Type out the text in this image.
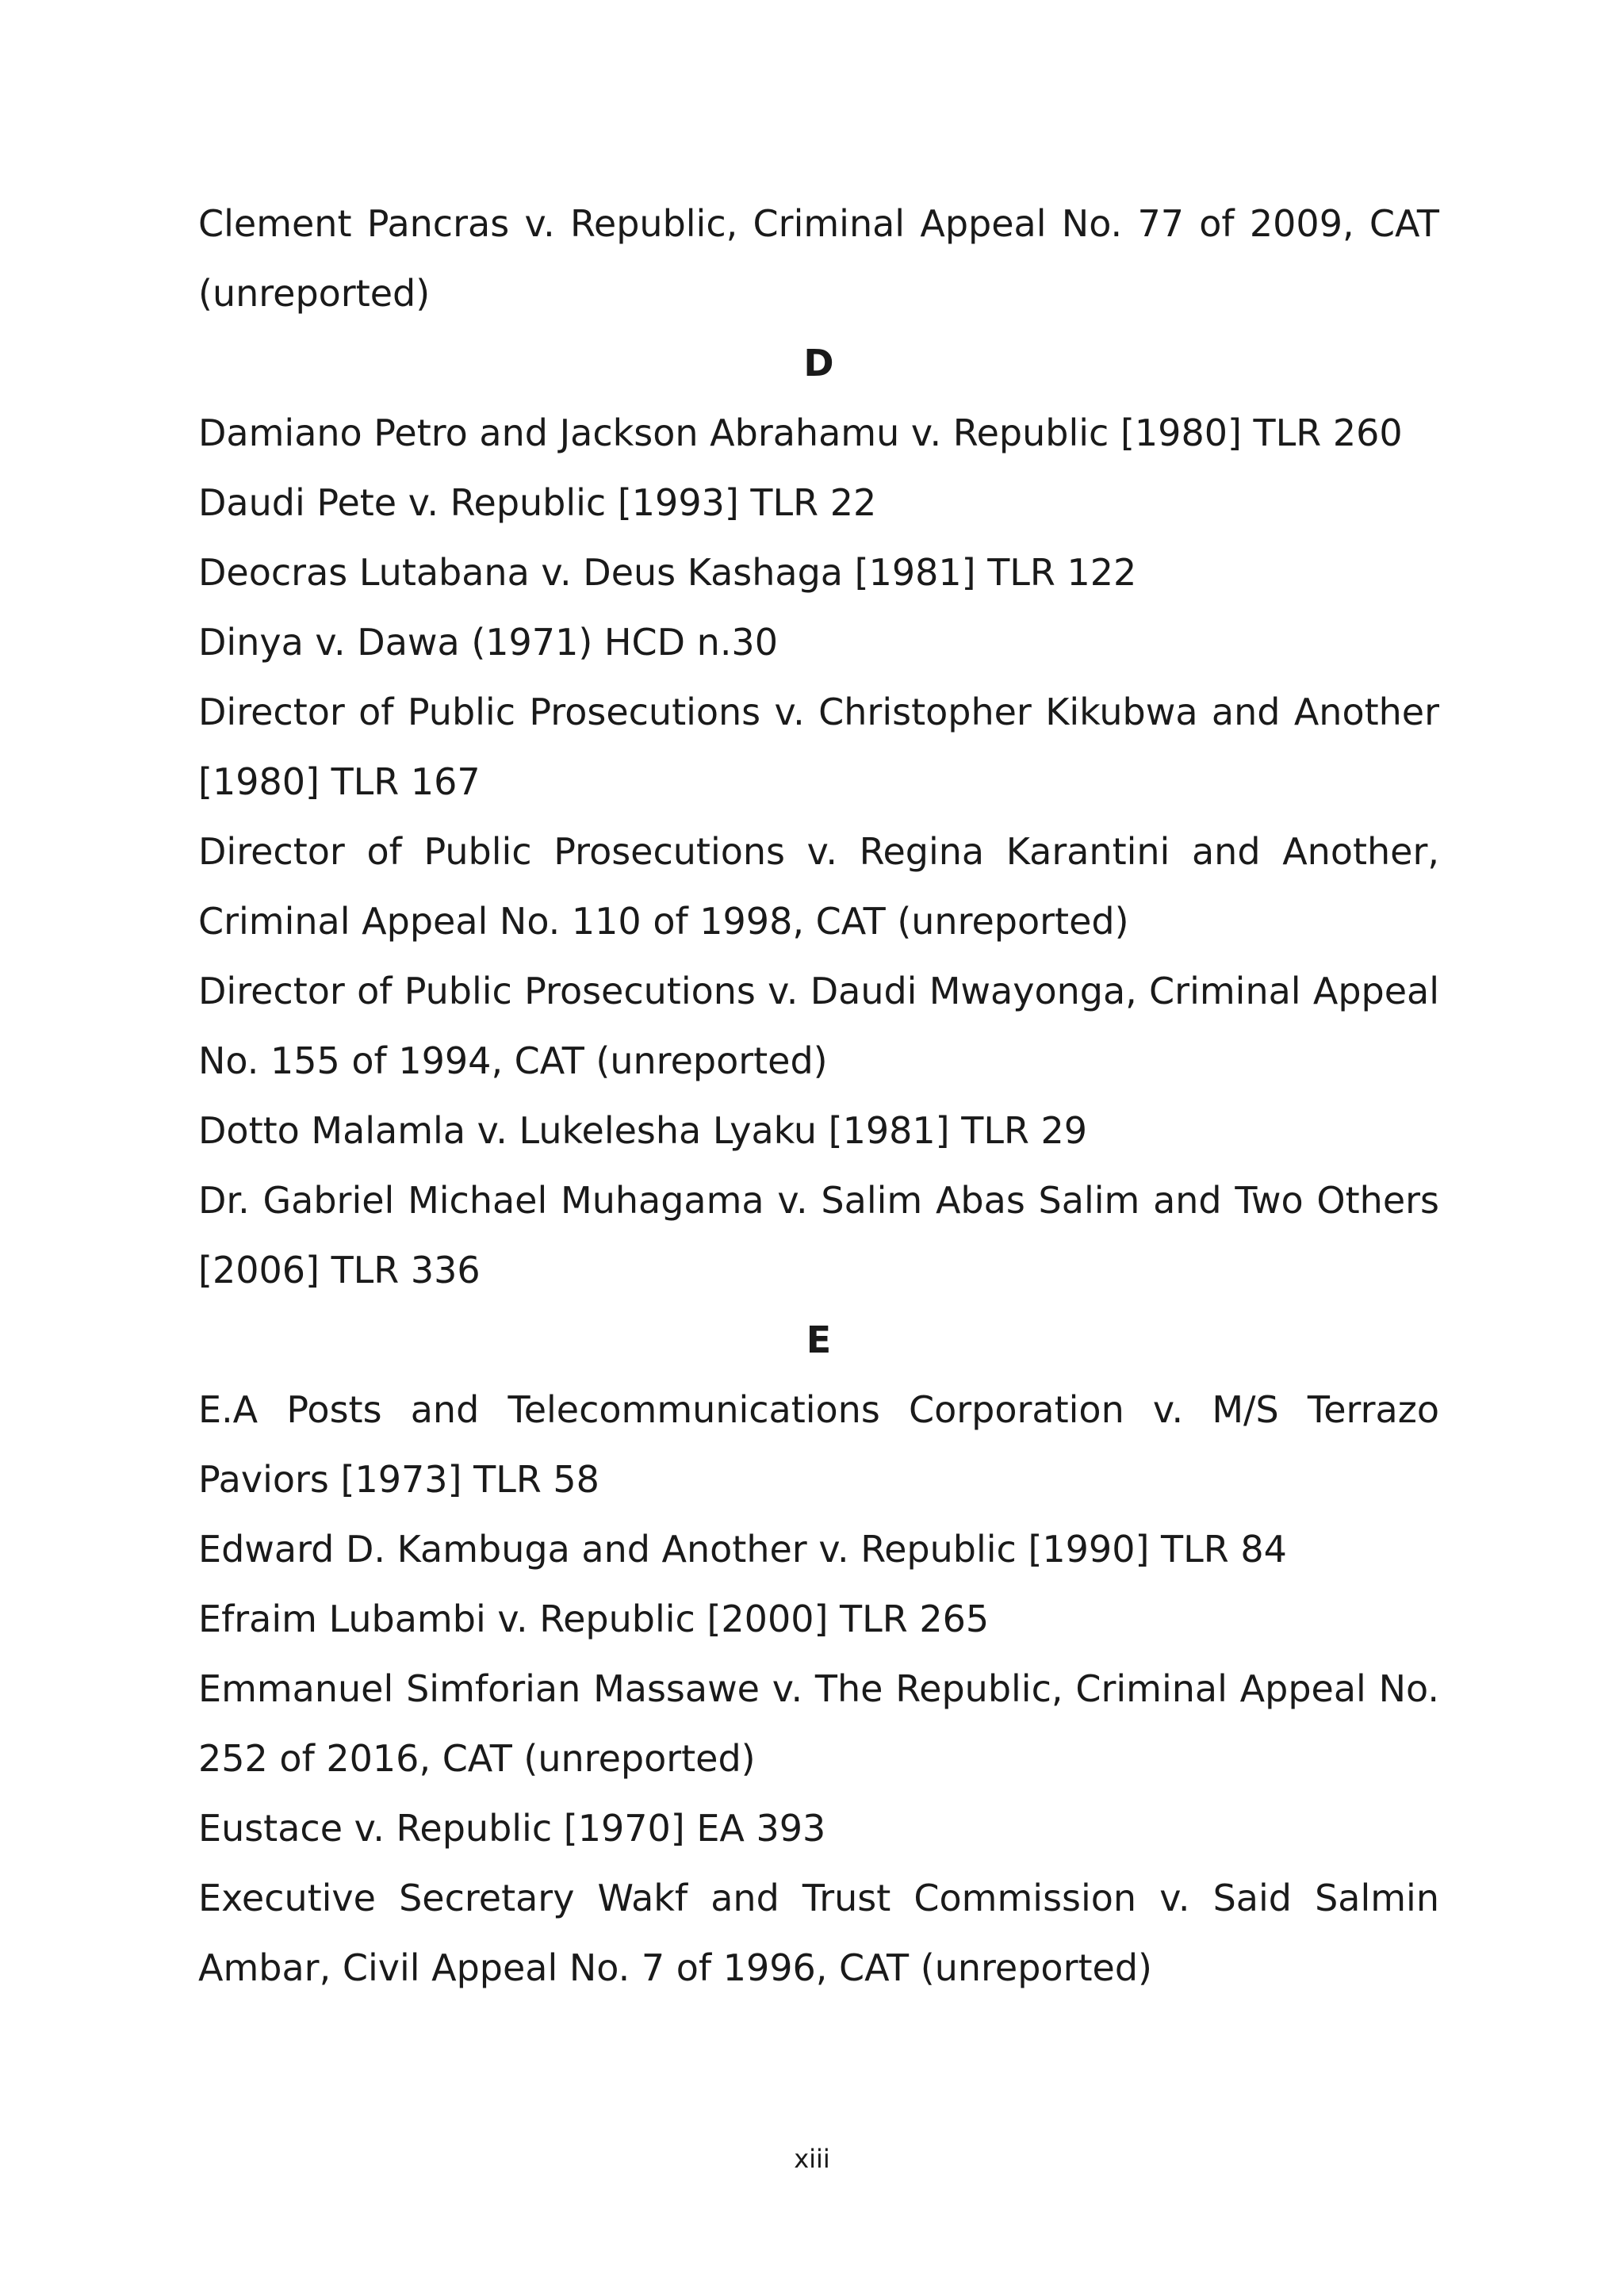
Clement Pancras v. Republic, Criminal Appeal No. 77 of 2009, CAT (unreported)

D

Damiano Petro and Jackson Abrahamu v. Republic [1980] TLR 260

Daudi Pete v. Republic [1993] TLR 22

Deocras Lutabana v. Deus Kashaga [1981] TLR 122

Dinya v. Dawa (1971) HCD n.30

Director of Public Prosecutions v. Christopher Kikubwa and Another [1980] TLR 167

Director of Public Prosecutions v. Regina Karantini and Another, Criminal Appeal No. 110 of 1998, CAT (unreported)

Director of Public Prosecutions v. Daudi Mwayonga, Criminal Appeal No. 155 of 1994, CAT (unreported)

Dotto Malamla v. Lukelesha Lyaku [1981] TLR 29

Dr. Gabriel Michael Muhagama v. Salim Abas Salim and Two Others [2006] TLR 336

E

E.A Posts and Telecommunications Corporation v. M/S Terrazo Paviors [1973] TLR 58

Edward D. Kambuga and Another v. Republic [1990] TLR 84

Efraim Lubambi v. Republic [2000] TLR 265

Emmanuel Simforian Massawe v. The Republic, Criminal Appeal No. 252 of 2016, CAT (unreported)

Eustace v. Republic [1970] EA 393

Executive Secretary Wakf and Trust Commission v. Said Salmin Ambar, Civil Appeal No. 7 of 1996, CAT (unreported)

xiii
